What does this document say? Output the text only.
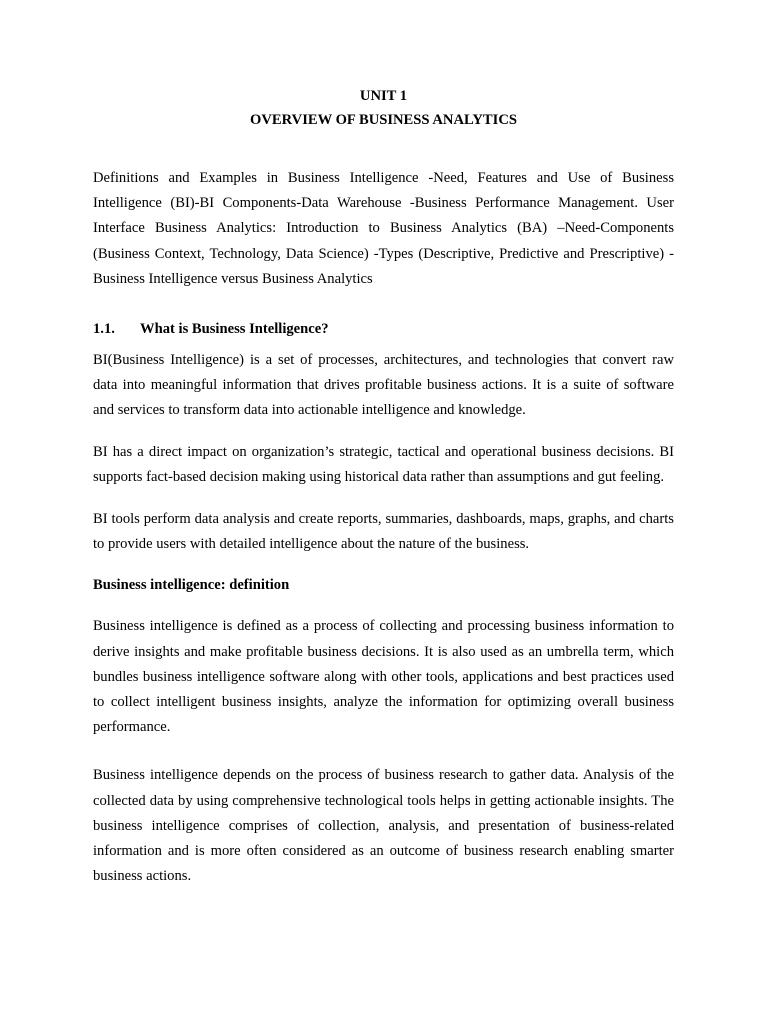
UNIT 1
OVERVIEW OF BUSINESS ANALYTICS

Definitions and Examples in Business Intelligence -Need, Features and Use of Business Intelligence (BI)-BI Components-Data Warehouse -Business Performance Management. User Interface Business Analytics: Introduction to Business Analytics (BA) –Need-Components (Business Context, Technology, Data Science) -Types (Descriptive, Predictive and Prescriptive) -Business Intelligence versus Business Analytics

1.1. What is Business Intelligence?

BI(Business Intelligence) is a set of processes, architectures, and technologies that convert raw data into meaningful information that drives profitable business actions. It is a suite of software and services to transform data into actionable intelligence and knowledge.

BI has a direct impact on organization’s strategic, tactical and operational business decisions. BI supports fact-based decision making using historical data rather than assumptions and gut feeling.

BI tools perform data analysis and create reports, summaries, dashboards, maps, graphs, and charts to provide users with detailed intelligence about the nature of the business.

Business intelligence: definition

Business intelligence is defined as a process of collecting and processing business information to derive insights and make profitable business decisions. It is also used as an umbrella term, which bundles business intelligence software along with other tools, applications and best practices used to collect intelligent business insights, analyze the information for optimizing overall business performance.

Business intelligence depends on the process of business research to gather data. Analysis of the collected data by using comprehensive technological tools helps in getting actionable insights. The business intelligence comprises of collection, analysis, and presentation of business-related information and is more often considered as an outcome of business research enabling smarter business actions.
